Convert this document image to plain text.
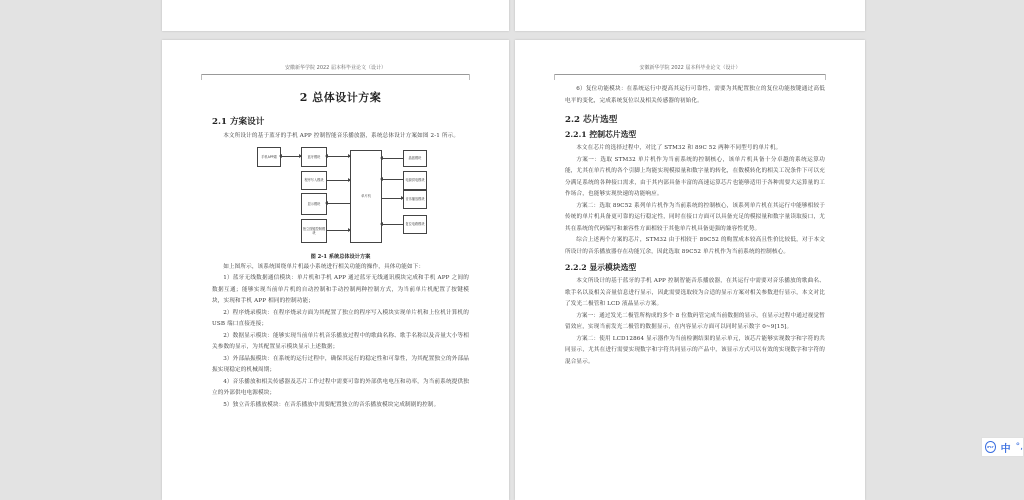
安徽新华学院 2022 届本科毕业论文（设计）
2 总体设计方案
2.1 方案设计

本文所设计的基于蓝牙的手机 APP 控制智能音乐播放器，系统总体设计方案如图 2-1 所示。

手机APP端	蓝牙模块
程序写入模块
显示模块
独立按键控制模块
单片机
晶振模块
电源供电模块
音乐播放模块
复位电路模块
图 2-1 系统总体设计方案

如上图所示，该系统围绕单片机最小系统进行相关功能的操作，具体功能如下：

1）蓝牙无线数据通信模块：单片机和手机 APP 通过蓝牙无线通讯模块完成和手机 APP 之间的数据互通；能够实现当前单片机的自动控制和手动控制两种控制方式，为当前单片机配置了按键模块，实现和手机 APP 相同的控制功能；

2）程序烧录模块：在程序烧录方面为其配置了独立的程序写入模块实现单片机和上位机计算机的 USB 端口直接连接；

2）数据显示模块：能够实现当前单片机音乐播放过程中的歌曲名称、歌手名称以及音量大小等相关参数的显示，为其配置显示模块显示上述数据；

3）外部晶振模块：在系统的运行过程中，确保其运行的稳定性和可靠性，为其配置独立的外部晶振实现稳定的机械周期；

4）音乐播放和相关传感器及芯片工作过程中需要可靠的外部供电电压和功率，为当前系统提供独立的外部供电电源模块；

5）独立音乐播放模块：在音乐播放中需要配置独立的音乐播放模块完成制剧的控制。

安徽新华学院 2022 届本科毕业论文（设计）

6）复位功能模块：在系统运行中提高其运行可靠性，需要为其配置独立的复位功能按键通过高低电平的变化，完成系统复位以及相关传感器的初始化。

2.2 芯片选型
2.2.1 控制芯片选型

本文在芯片的选择过程中，对比了 STM32 和 89C 52 两种不同型号的单片机。

方案一：选取 STM32 单片机作为当前系统的控制核心，该单片机具备十分卓越的系统运算功能，尤其在单片机的各个引脚上均能实现模拟量和数字量的转化，在数模转化的相关工况条件下可以充分满足系统的各种接口需求，由于其内部具备丰富的高速运算芯片也能够适用于各种需要大运算量的工作场合，也能够实现快速的功能响应。

方案二：选取 89C52 系列单片机作为当前系统的控制核心，该系列单片机在其运行中能够相较于传统的单片机具备更可靠的运行稳定性，同时在接口方面可以具备充足的模拟量和数字量读取接口，尤其在系统的代码编写和兼容性方面相较于其他单片机具备更强的兼容性优势。

综合上述两个方案的芯片，STM32 由于相较于 89C52 的购置成本较高且性价比较低，对于本文所设计的音乐播放器存在功能冗余，因此选取 89C52 单片机作为当前系统的控制核心。

2.2.2 显示模块选型

本文所设计的基于蓝牙的手机 APP 控制智能音乐播放器，在其运行中需要对音乐播放的歌曲名、歌手名以及相关音量信息进行显示，因此需要选取较为合适的显示方案对相关参数进行显示，本文对比了发光二极管和 LCD 液晶显示方案。

方案一：通过发光二极管所构成的多个 8 位数码管完成当前数据的显示，在显示过程中通过视觉暂留效应，实现当前发光二极管的数据显示，在内容显示方面可以同时显示数字 0~9[15]。

方案二：使用 LCD12864 显示器作为当前检测结果的显示单元，该芯片能够实现数字和字符的共同显示，尤其在进行需要实现数字和字符共同显示的产品中，该显示方式可以有效的实现数字和字符的混合显示。

iFLY 中 °,
